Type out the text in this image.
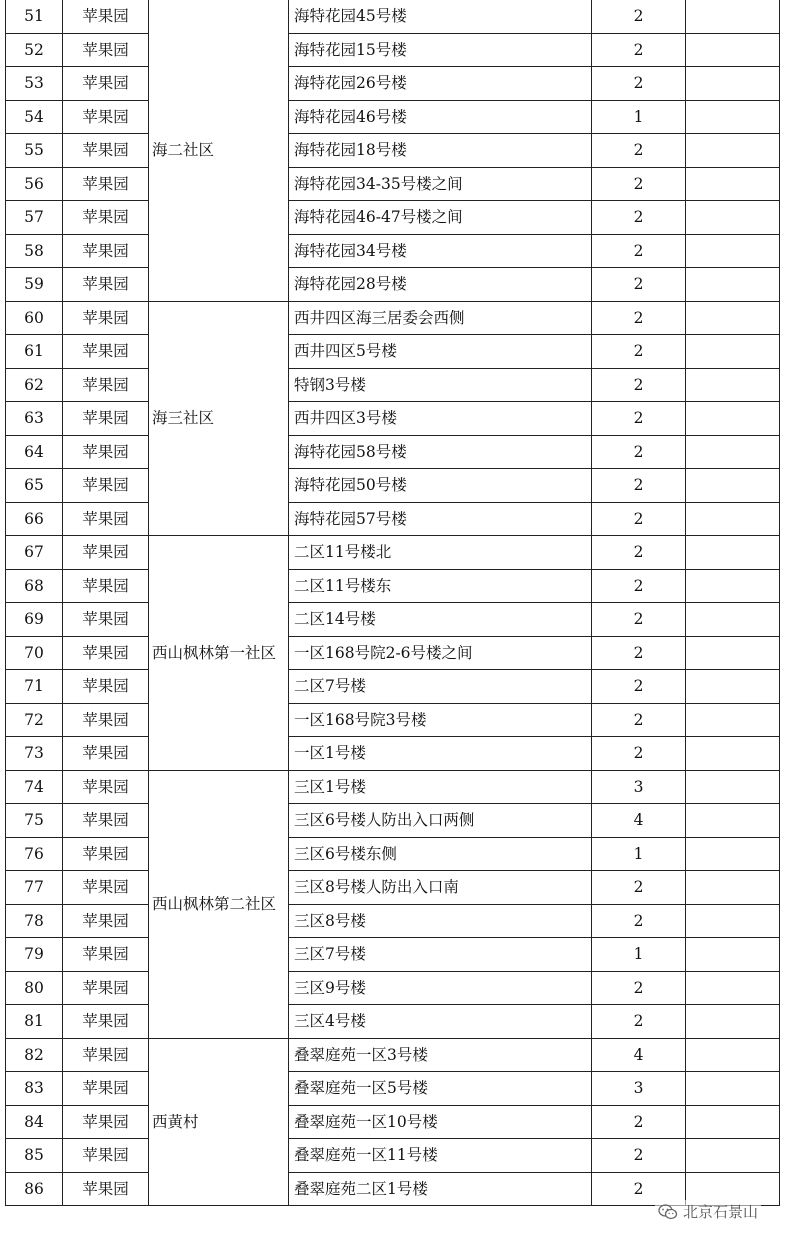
51	苹果园	海二社区	海特花园45号楼	2	
52	苹果园		海特花园15号楼	2	
53	苹果园		海特花园26号楼	2	
54	苹果园		海特花园46号楼	1	
55	苹果园		海特花园18号楼	2	
56	苹果园		海特花园34-35号楼之间	2	
57	苹果园		海特花园46-47号楼之间	2	
58	苹果园		海特花园34号楼	2	
59	苹果园		海特花园28号楼	2	
60	苹果园	海三社区	西井四区海三居委会西侧	2	
61	苹果园		西井四区5号楼	2	
62	苹果园		特钢3号楼	2	
63	苹果园		西井四区3号楼	2	
64	苹果园		海特花园58号楼	2	
65	苹果园		海特花园50号楼	2	
66	苹果园		海特花园57号楼	2	
67	苹果园	西山枫林第一社区	二区11号楼北	2	
68	苹果园		二区11号楼东	2	
69	苹果园		二区14号楼	2	
70	苹果园		一区168号院2-6号楼之间	2	
71	苹果园		二区7号楼	2	
72	苹果园		一区168号院3号楼	2	
73	苹果园		一区1号楼	2	
74	苹果园	西山枫林第二社区	三区1号楼	3	
75	苹果园		三区6号楼人防出入口两侧	4	
76	苹果园		三区6号楼东侧	1	
77	苹果园		三区8号楼人防出入口南	2	
78	苹果园		三区8号楼	2	
79	苹果园		三区7号楼	1	
80	苹果园		三区9号楼	2	
81	苹果园		三区4号楼	2	
82	苹果园	西黄村	叠翠庭苑一区3号楼	4	
83	苹果园		叠翠庭苑一区5号楼	3	
84	苹果园		叠翠庭苑一区10号楼	2	
85	苹果园		叠翠庭苑一区11号楼	2	
86	苹果园		叠翠庭苑二区1号楼	2	
北京石景山
